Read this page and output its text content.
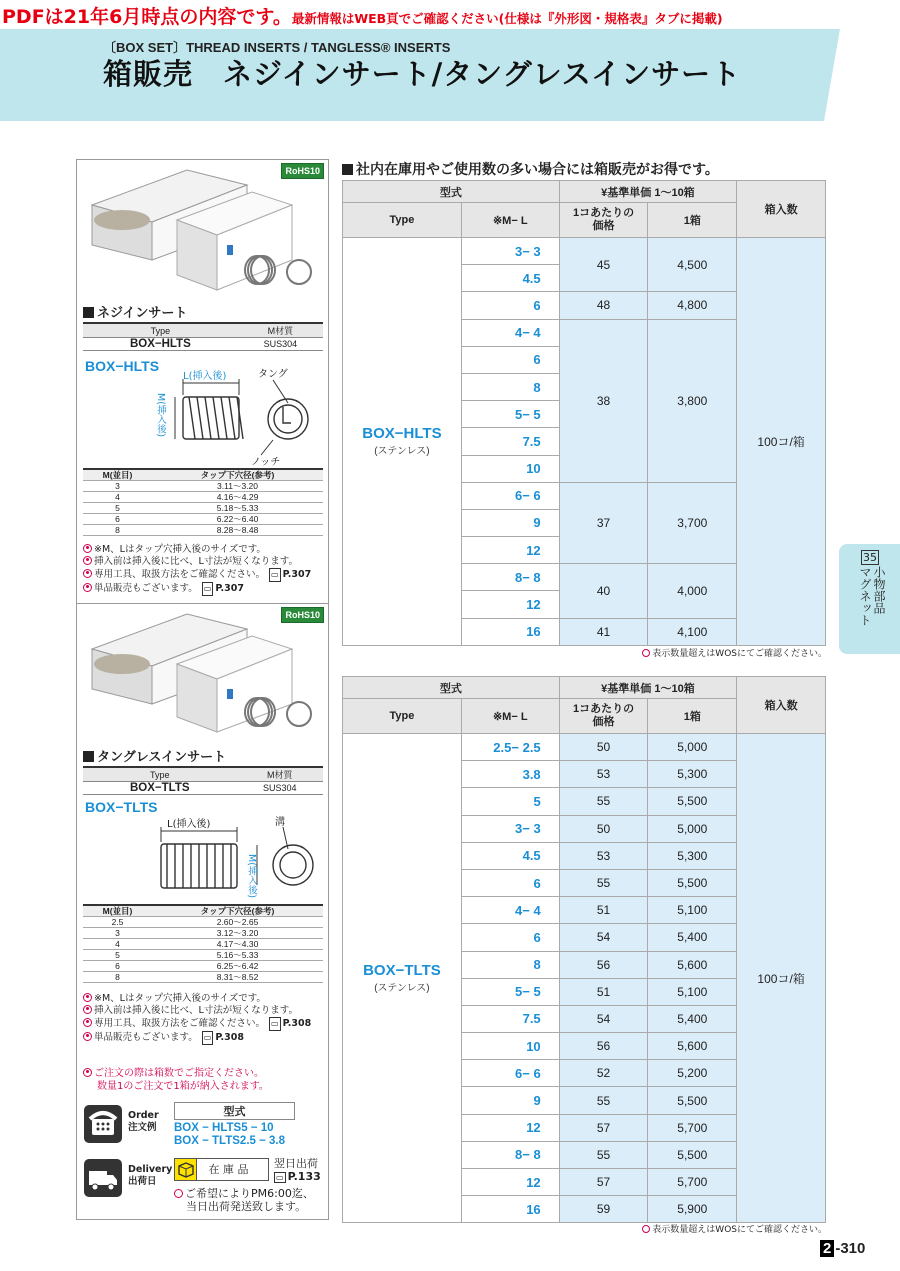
PDFは21年6月時点の内容です。最新情報はWEB頁でご確認ください(仕様は『外形図・規格表』タブに掲載)
〔BOX SET〕THREAD INSERTS / TANGLESS® INSERTS
箱販売 ネジインサート/タングレスインサート
35
小物部品
マグネット
2 -310
社内在庫用やご使用数の多い場合には箱販売がお得です。
RoHS10
ネジインサート
Type	M材質
BOX−HLTS	SUS304
BOX−HLTS
L(挿入後)	タング
M(挿入後)
ノッチ
M(並目)	タップ下穴径(参考)
3	3.11〜3.20
4	4.16〜4.29
5	5.18〜5.33
6	6.22〜6.40
8	8.28〜8.48
※M、Lはタップ穴挿入後のサイズです。
挿入前は挿入後に比べ、L寸法が短くなります。
専用工具、取扱方法をご確認ください。 ▭ P.307
単品販売もございます。 ▭ P.307
RoHS10
タングレスインサート
Type	M材質
BOX−TLTS	SUS304
BOX−TLTS
L(挿入後)	溝
M(挿入後)
M(並目)	タップ下穴径(参考)
2.5	2.60〜2.65
3	3.12〜3.20
4	4.17〜4.30
5	5.16〜5.33
6	6.25〜6.42
8	8.31〜8.52
※M、Lはタップ穴挿入後のサイズです。
挿入前は挿入後に比べ、L寸法が短くなります。
専用工具、取扱方法をご確認ください。 ▭ P.308
単品販売もございます。 ▭ P.308
ご注文の際は箱数でご指定ください。
数量1のご注文で1箱が納入されます。
Order
注文例
型式
BOX − HLTS5 − 10
BOX − TLTS2.5 − 3.8
Delivery
出荷日
在 庫 品	翌日出荷
▭ P.133
ご希望によりPM6:00迄、
当日出荷発送致します。
型式		¥基準単価 1〜10箱		箱入数
Type	※M− L	1コあたりの
価格	1箱	

BOX−HLTS
(ステンレス)	3− 3	45	4,500	100コ/箱
	4.5			
	6	48	4,800	
	4− 4	38	3,800	
	6			
	8			
	5− 5			
	7.5			
	10			
	6− 6	37	3,700	
	9			
	12			
	8− 8	40	4,000	
	12			
	16	41	4,100	
表示数量超えはWOSにてご確認ください。
型式		¥基準単価 1〜10箱		箱入数
Type	※M− L	1コあたりの
価格	1箱	

BOX−TLTS
(ステンレス)	2.5− 2.5	50	5,000	100コ/箱
	3.8	53	5,300	
	5	55	5,500	
	3− 3	50	5,000	
	4.5	53	5,300	
	6	55	5,500	
	4− 4	51	5,100	
	6	54	5,400	
	8	56	5,600	
	5− 5	51	5,100	
	7.5	54	5,400	
	10	56	5,600	
	6− 6	52	5,200	
	9	55	5,500	
	12	57	5,700	
	8− 8	55	5,500	
	12	57	5,700	
	16	59	5,900	
表示数量超えはWOSにてご確認ください。
